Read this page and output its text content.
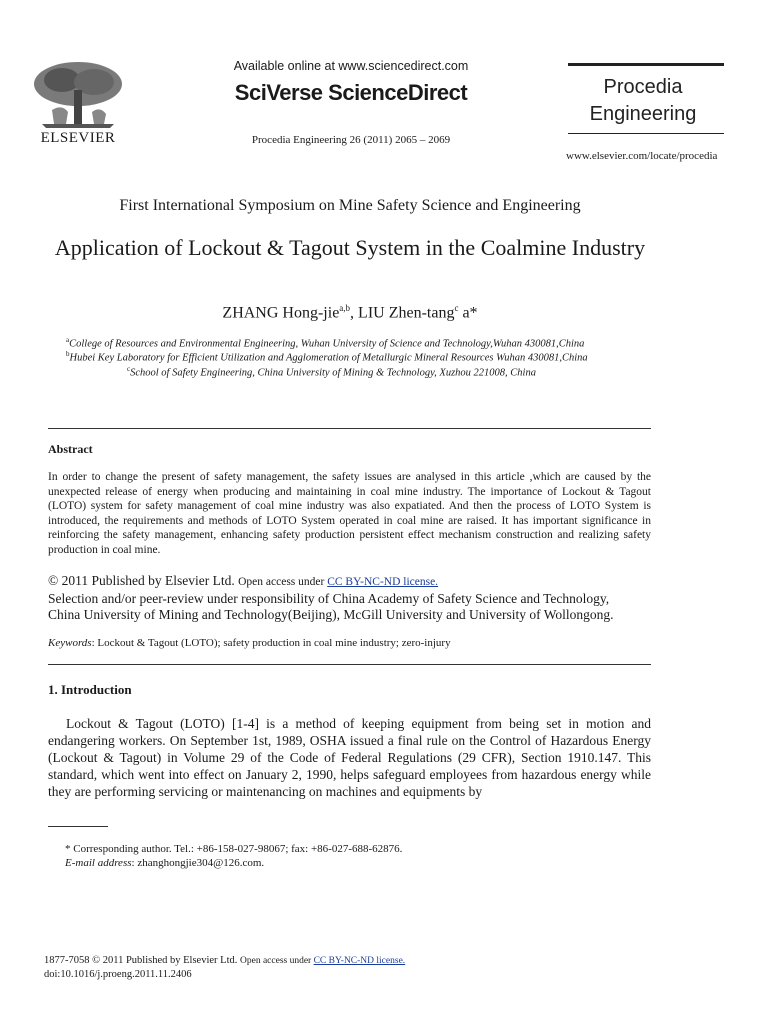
ELSEVIER
Available online at www.sciencedirect.com
SciVerse ScienceDirect
Procedia Engineering 26 (2011) 2065 – 2069
Procedia
Engineering
www.elsevier.com/locate/procedia
First International Symposium on Mine Safety Science and Engineering
Application of Lockout & Tagout System in the Coalmine Industry
ZHANG Hong-jie$^{a,b}$, LIU Zhen-tang$^c$ a*
$^a$College of Resources and Environmental Engineering, Wuhan University of Science and Technology,Wuhan 430081,China
$^b$Hubei Key Laboratory for Efficient Utilization and Agglomeration of Metallurgic Mineral Resources Wuhan 430081,China
$^c$School of Safety Engineering, China University of Mining & Technology, Xuzhou 221008, China
Abstract
In order to change the present of safety management, the safety issues are analysed in this article ,which are caused by the unexpected release of energy when producing and maintaining in coal mine industry. The importance of Lockout & Tagout (LOTO) system for safety management of coal mine industry was also expatiated. And then the process of LOTO System is introduced, the requirements and methods of LOTO System operated in coal mine are raised. It has important significance in reinforcing the safety management, enhancing safety production persistent effect mechanism construction and realizing safety production in coal mine.
© 2011 Published by Elsevier Ltd. Open access under CC BY-NC-ND license.
Selection and/or peer-review under responsibility of China Academy of Safety Science and Technology,
China University of Mining and Technology(Beijing), McGill University and University of Wollongong.
Keywords: Lockout & Tagout (LOTO); safety production in coal mine industry; zero-injury
1. Introduction
Lockout & Tagout (LOTO) [1-4] is a method of keeping equipment from being set in motion and endangering workers. On September 1st, 1989, OSHA issued a final rule on the Control of Hazardous Energy (Lockout & Tagout) in Volume 29 of the Code of Federal Regulations (29 CFR), Section 1910.147. This standard, which went into effect on January 2, 1990, helps safeguard employees from hazardous energy while they are performing servicing or maintenancing on machines and equipments by
* Corresponding author. Tel.: +86-158-027-98067; fax: +86-027-688-62876.
E-mail address: zhanghongjie304@126.com.
1877-7058 © 2011 Published by Elsevier Ltd. Open access under CC BY-NC-ND license.
doi:10.1016/j.proeng.2011.11.2406
